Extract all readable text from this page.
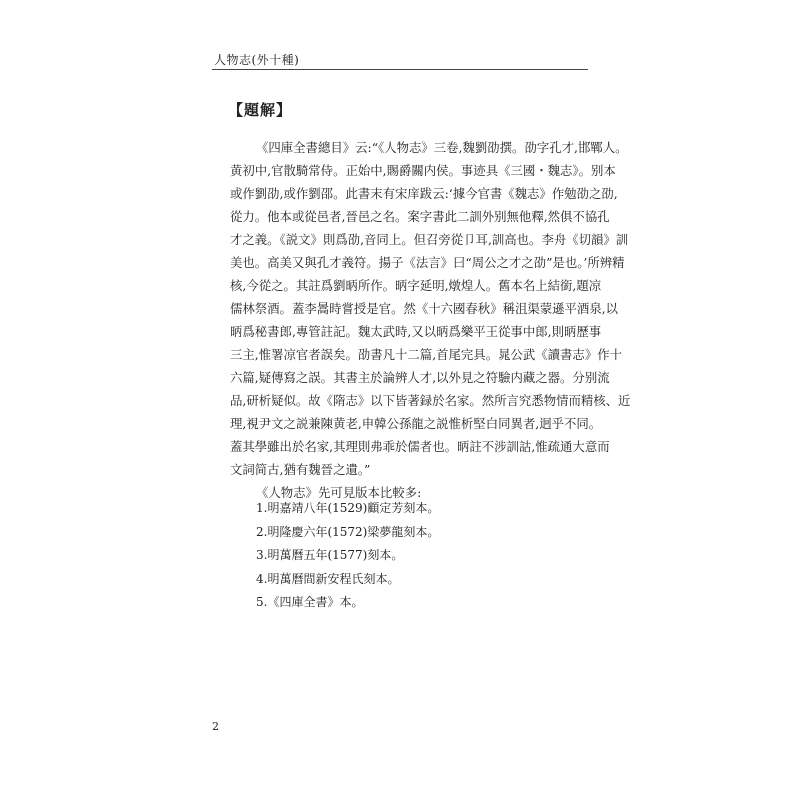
人物志(外十種)
【題解】
《四庫全書總目》云:“《人物志》三卷,魏劉劭撰。劭字孔才,邯鄲人。
黄初中,官散騎常侍。正始中,賜爵關内侯。事迹具《三國・魏志》。别本
或作劉劭,或作劉邵。此書末有宋庠跋云:‘據今官書《魏志》作勉劭之劭,
從力。他本或從邑者,晉邑之名。案字書此二訓外别無他釋,然俱不協孔
才之義。《説文》則爲劭,音同上。但召旁從卩耳,訓高也。李舟《切韻》訓
美也。高美又與孔才義符。揚子《法言》曰“周公之才之劭”是也。’所辨精
核,今從之。其註爲劉昞所作。昞字延明,燉煌人。舊本名上結銜,題凉
儒林祭酒。蓋李暠時嘗授是官。然《十六國春秋》稱沮渠蒙遜平酒泉,以
昞爲秘書郎,專管註記。魏太武時,又以昞爲樂平王從事中郎,則昞歷事
三主,惟署凉官者誤矣。劭書凡十二篇,首尾完具。晁公武《讀書志》作十
六篇,疑傳寫之誤。其書主於論辨人才,以外見之符驗内藏之器。分别流
品,研析疑似。故《隋志》以下皆著録於名家。然所言究悉物情而精核、近
理,視尹文之説兼陳黄老,申韓公孫龍之説惟析堅白同異者,迥乎不同。
蓋其學雖出於名家,其理則弗乖於儒者也。昞註不涉訓詁,惟疏通大意而
文詞简古,猶有魏晉之遺。”
《人物志》先可見版本比較多:
1.明嘉靖八年(1529)顧定芳刻本。
2.明隆慶六年(1572)梁夢龍刻本。
3.明萬曆五年(1577)刻本。
4.明萬曆間新安程氏刻本。
5.《四庫全書》本。
2
